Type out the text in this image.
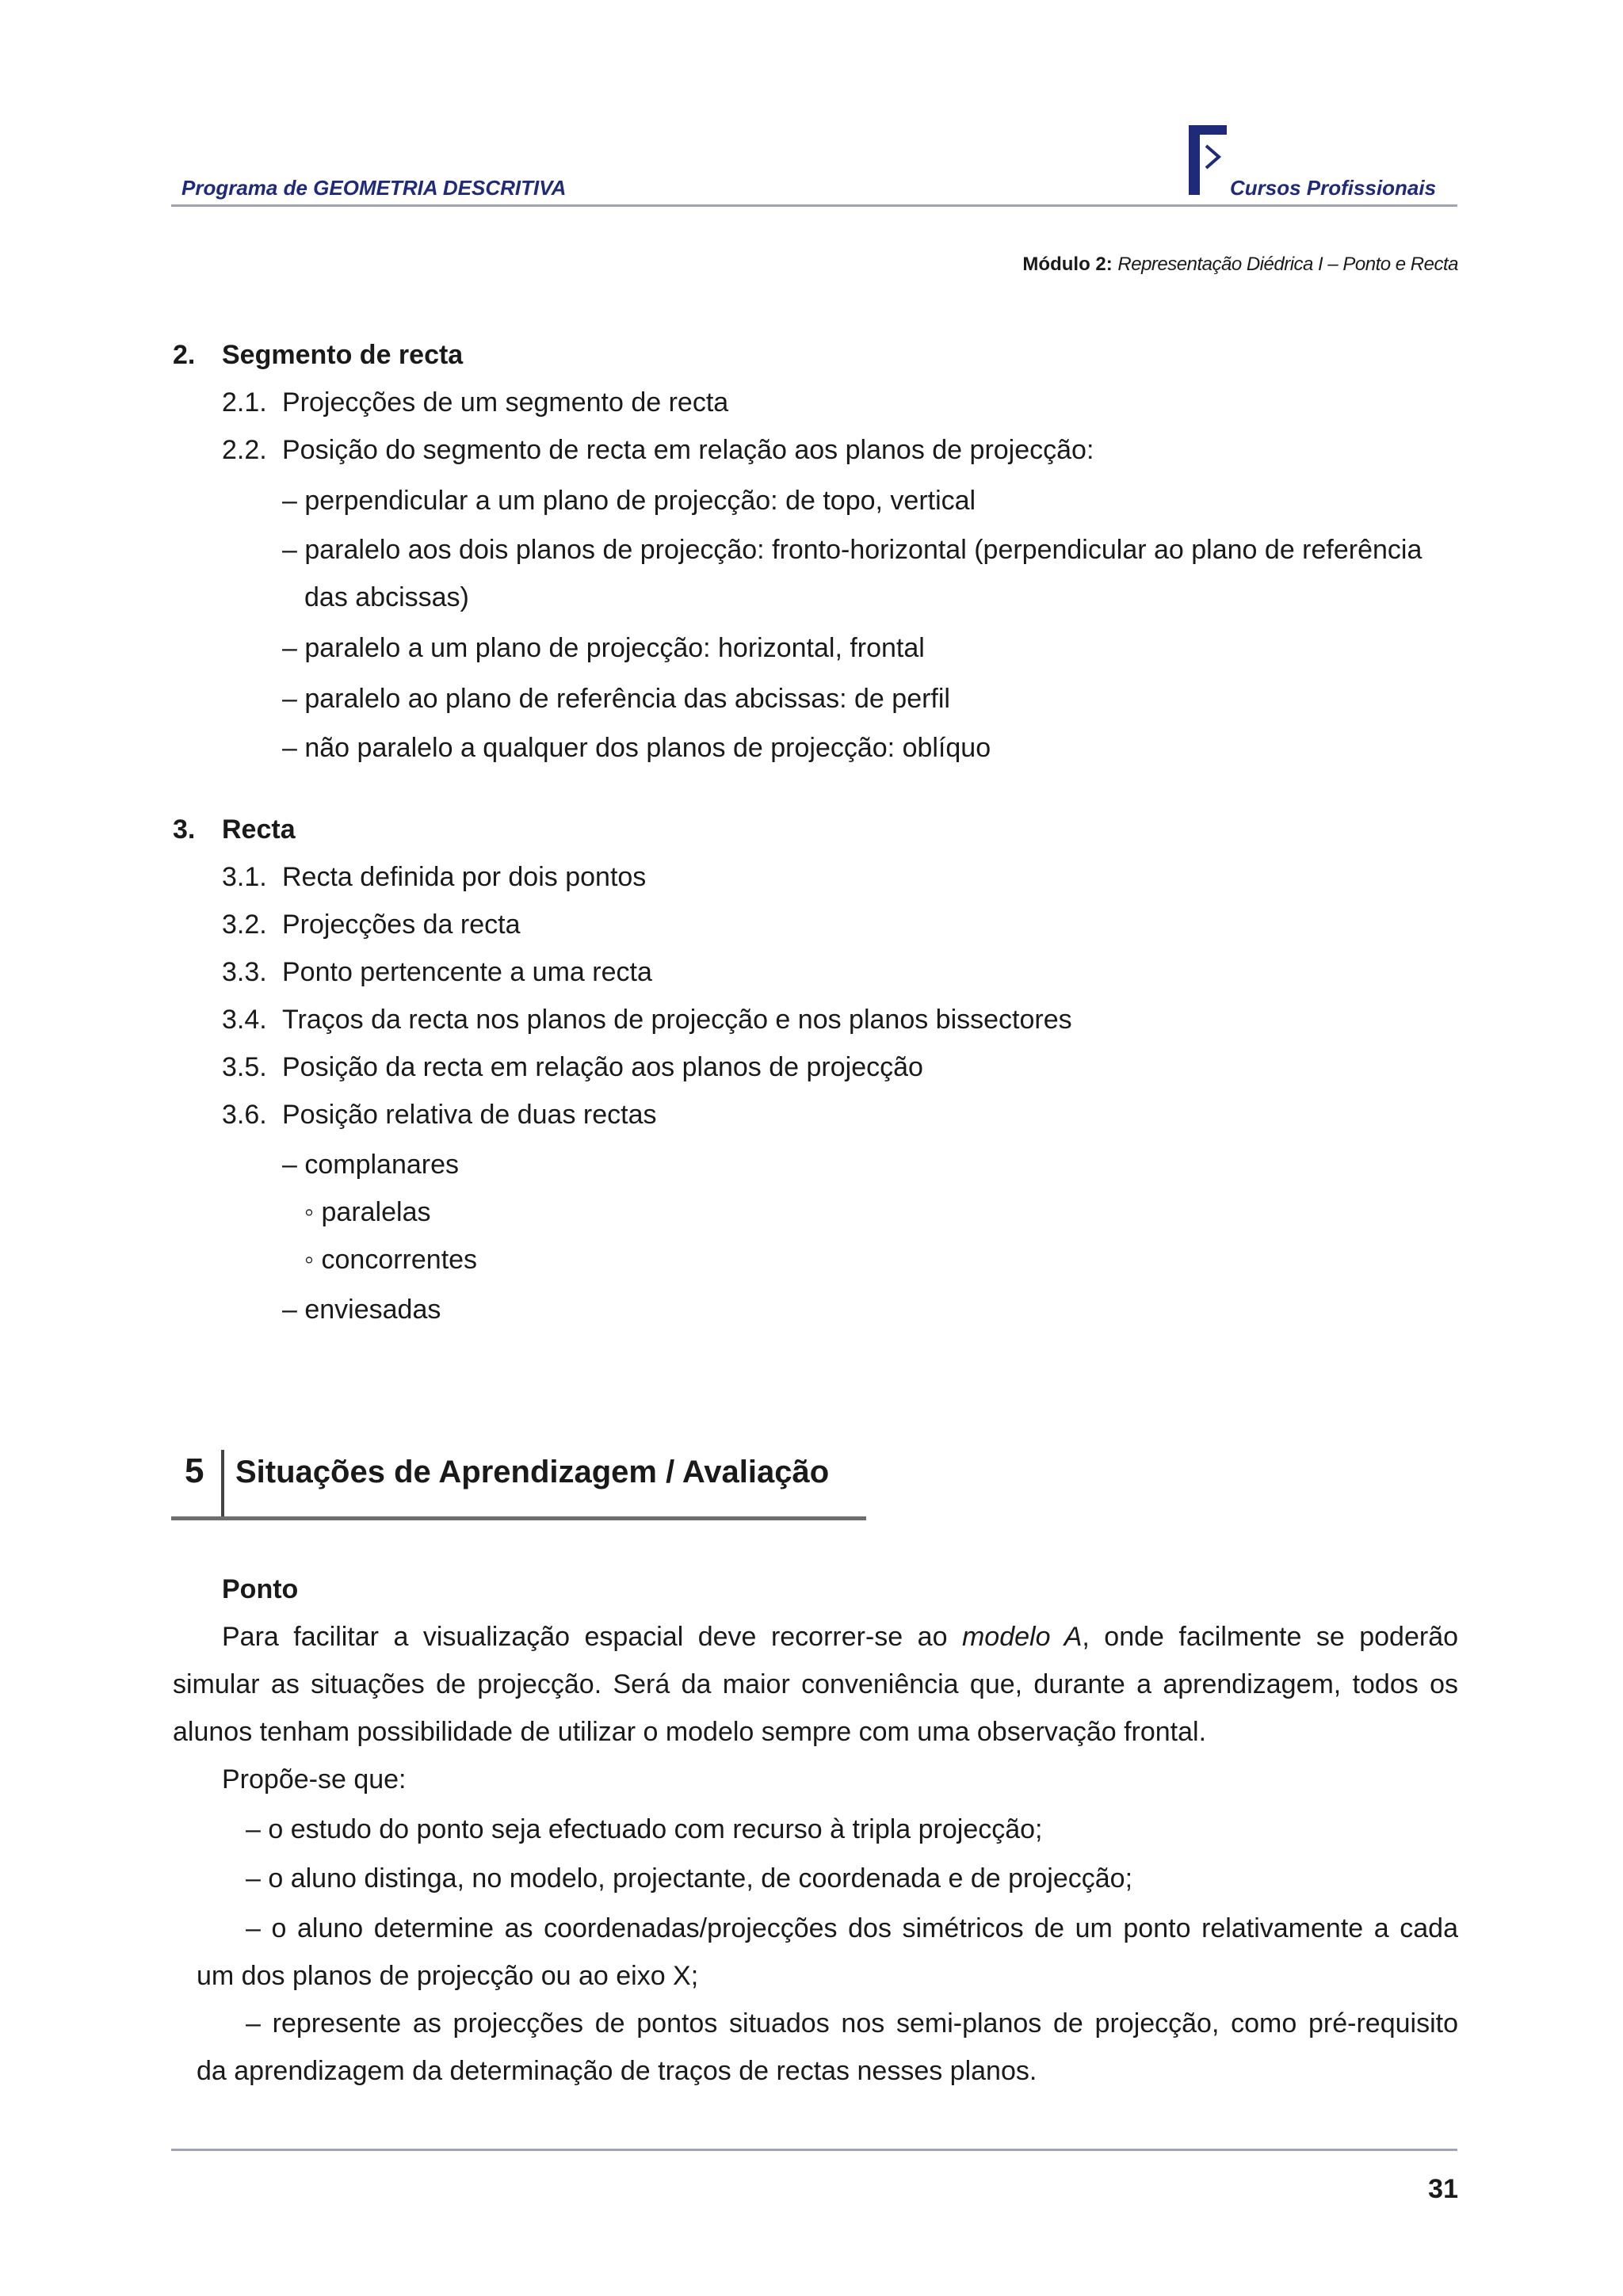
Programa de GEOMETRIA DESCRITIVA	Cursos Profissionais
Módulo 2: Representação Diédrica I – Ponto e Recta
2. Segmento de recta
2.1. Projecções de um segmento de recta
2.2. Posição do segmento de recta em relação aos planos de projecção:
– perpendicular a um plano de projecção: de topo, vertical
– paralelo aos dois planos de projecção: fronto-horizontal (perpendicular ao plano de referência
das abcissas)
– paralelo a um plano de projecção: horizontal, frontal
– paralelo ao plano de referência das abcissas: de perfil
– não paralelo a qualquer dos planos de projecção: oblíquo
3. Recta
3.1. Recta definida por dois pontos
3.2. Projecções da recta
3.3. Ponto pertencente a uma recta
3.4. Traços da recta nos planos de projecção e nos planos bissectores
3.5. Posição da recta em relação aos planos de projecção
3.6. Posição relativa de duas rectas
– complanares
◦ paralelas
◦ concorrentes
– enviesadas
5 Situações de Aprendizagem / Avaliação
Ponto
Para facilitar a visualização espacial deve recorrer-se ao modelo A, onde facilmente se poderão
simular as situações de projecção. Será da maior conveniência que, durante a aprendizagem, todos os
alunos tenham possibilidade de utilizar o modelo sempre com uma observação frontal.
Propõe-se que:
– o estudo do ponto seja efectuado com recurso à tripla projecção;
– o aluno distinga, no modelo, projectante, de coordenada e de projecção;
– o aluno determine as coordenadas/projecções dos simétricos de um ponto relativamente a cada
um dos planos de projecção ou ao eixo X;
– represente as projecções de pontos situados nos semi-planos de projecção, como pré-requisito
da aprendizagem da determinação de traços de rectas nesses planos.
31
